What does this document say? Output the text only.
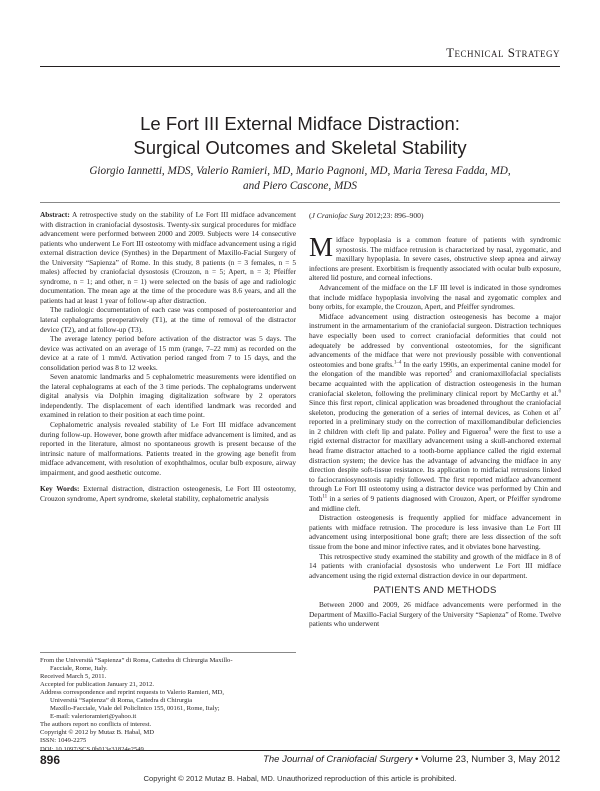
Technical Strategy
Le Fort III External Midface Distraction:
Surgical Outcomes and Skeletal Stability
Giorgio Iannetti, MDS, Valerio Ramieri, MD, Mario Pagnoni, MD, Maria Teresa Fadda, MD,
and Piero Cascone, MDS

Abstract: A retrospective study on the stability of Le Fort III midface advancement with distraction in craniofacial dysostosis. Twenty-six surgical procedures for midface advancement were performed between 2000 and 2009. Subjects were 14 consecutive patients who underwent Le Fort III osteotomy with midface advancement using a rigid external distraction device (Synthes) in the Department of Maxillo-Facial Surgery of the University “Sapienza” of Rome. In this study, 8 patients (n = 3 females, n = 5 males) affected by craniofacial dysostosis (Crouzon, n = 5; Apert, n = 3; Pfeiffer syndrome, n = 1; and other, n = 1) were selected on the basis of age and radiologic documentation. The mean age at the time of the procedure was 8.6 years, and all the patients had at least 1 year of follow-up after distraction.

The radiologic documentation of each case was composed of posteroanterior and lateral cephalograms preoperatively (T1), at the time of removal of the distractor device (T2), and at follow-up (T3).

The average latency period before activation of the distractor was 5 days. The device was activated on an average of 15 mm (range, 7–22 mm) as recorded on the device at a rate of 1 mm/d. Activation period ranged from 7 to 15 days, and the consolidation period was 8 to 12 weeks.

Seven anatomic landmarks and 5 cephalometric measurements were identified on the lateral cephalograms at each of the 3 time periods. The cephalograms underwent digital analysis via Dolphin imaging digitalization software by 2 operators independently. The displacement of each identified landmark was recorded and examined in relation to their position at each time point.

Cephalometric analysis revealed stability of Le Fort III midface advancement during follow-up. However, bone growth after midface advancement is limited, and as reported in the literature, almost no spontaneous growth is present because of the intrinsic nature of malformations. Patients treated in the growing age benefit from midface advancement, with resolution of exophthalmos, ocular bulb exposure, airway impairment, and good aesthetic outcome.

Key Words: External distraction, distraction osteogenesis, Le Fort III osteotomy, Crouzon syndrome, Apert syndrome, skeletal stability, cephalometric analysis
From the Università “Sapienza” di Roma, Cattedra di Chirurgia Maxillo-
Facciale, Rome, Italy.
Received March 5, 2011.
Accepted for publication January 21, 2012.
Address correspondence and reprint requests to Valerio Ramieri, MD,
Università “Sapienza” di Roma, Cattedra di Chirurgia
Maxillo-Facciale, Viale del Policlinico 155, 00161, Rome, Italy;
E-mail: valerioramieri@yahoo.it
The authors report no conflicts of interest.
Copyright © 2012 by Mutaz B. Habal, MD
ISSN: 1049-2275
(J Craniofac Surg 2012;23: 896–900)

Midface hypoplasia is a common feature of patients with syndromic synostosis. The midface retrusion is characterized by nasal, zygomatic, and maxillary hypoplasia. In severe cases, obstructive sleep apnea and airway infections are present. Exorbitism is frequently associated with ocular bulb exposure, altered lid posture, and corneal infections.

Advancement of the midface on the LF III level is indicated in those syndromes that include midface hypoplasia involving the nasal and zygomatic complex and bony orbits, for example, the Crouzon, Apert, and Pfeiffer syndromes.

Midface advancement using distraction osteogenesis has become a major instrument in the armamentarium of the craniofacial surgeon. Distraction techniques have especially been used to correct craniofacial deformities that could not adequately be addressed by conventional osteotomies, for the significant advancements of the midface that were not previously possible with conventional osteotomies and bone grafts.$^{1-4}$ In the early 1990s, an experimental canine model for the elongation of the mandible was reported$^5$ and craniomaxillofacial specialists became acquainted with the application of distraction osteogenesis in the human craniofacial skeleton, following the preliminary clinical report by McCarthy et al.$^6$ Since this first report, clinical application was broadened throughout the craniofacial skeleton, producing the generation of a series of internal devices, as Cohen et $al^7$ reported in a preliminary study on the correction of maxillomandibular deficiencies in 2 children with cleft lip and palate. Polley and Figueroa$^8$ were the first to use a rigid external distractor for maxillary advancement using a skull-anchored external head frame distractor attached to a tooth-borne appliance called the rigid external distraction system; the device has the advantage of advancing the midface in any direction despite soft-tissue resistance. Its application to midfacial retrusions linked to faciocraniosynostosis rapidly followed. The first reported midface advancement through Le Fort III osteotomy using a distractor device was performed by Chin and Toth$^{11}$ in a series of 9 patients diagnosed with Crouzon, Apert, or Pfeiffer syndrome and midline cleft.

Distraction osteogenesis is frequently applied for midface advancement in patients with midface retrusion. The procedure is less invasive than Le Fort III advancement using interpositional bone graft; there are less dissection of the soft tissue from the bone and minor infective rates, and it obviates bone harvesting.

This retrospective study examined the stability and growth of the midface in 8 of 14 patients with craniofacial dysostosis who underwent Le Fort III midface advancement using the rigid external distraction device in our department.

PATIENTS AND METHODS

Between 2000 and 2009, 26 midface advancements were performed in the Department of Maxillo-Facial Surgery of the University “Sapienza” of Rome. Twelve patients who underwent

896	The Journal of Craniofacial Surgery • Volume 23, Number 3, May 2012
Copyright © 2012 Mutaz B. Habal, MD. Unauthorized reproduction of this article is prohibited.
